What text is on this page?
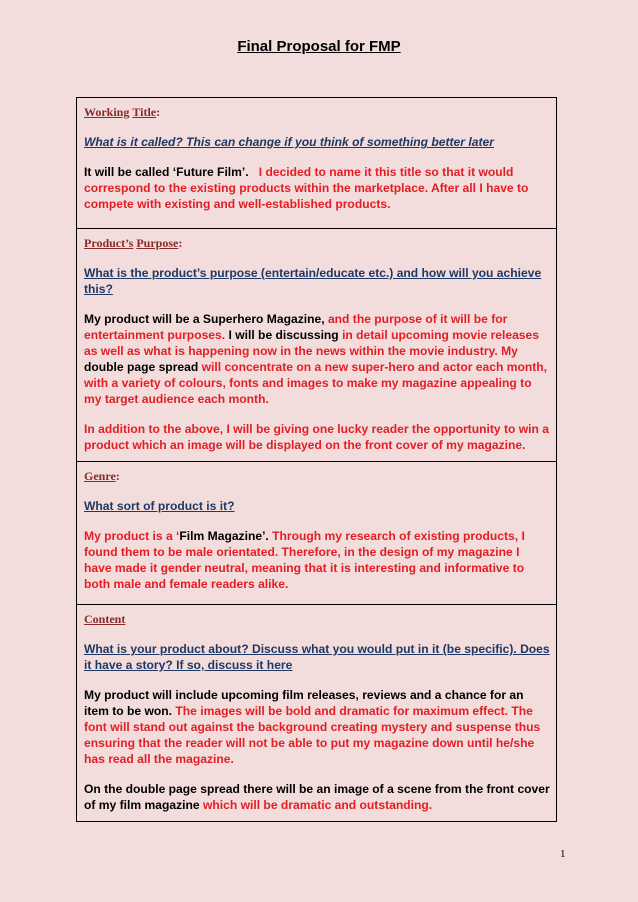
Final Proposal for FMP
Working Title:
What is it called? This can change if you think of something better later
It will be called ‘Future Film’. I decided to name it this title so that it would correspond to the existing products within the marketplace. After all I have to compete with existing and well-established products.

Product’s Purpose:
What is the product’s purpose (entertain/educate etc.) and how will you achieve this?
My product will be a Superhero Magazine, and the purpose of it will be for entertainment purposes. I will be discussing in detail upcoming movie releases as well as what is happening now in the news within the movie industry. My double page spread will concentrate on a new super-hero and actor each month, with a variety of colours, fonts and images to make my magazine appealing to my target audience each month.
In addition to the above, I will be giving one lucky reader the opportunity to win a product which an image will be displayed on the front cover of my magazine.

Genre:
What sort of product is it?
My product is a ‘Film Magazine’. Through my research of existing products, I found them to be male orientated. Therefore, in the design of my magazine I have made it gender neutral, meaning that it is interesting and informative to both male and female readers alike.

Content
What is your product about? Discuss what you would put in it (be specific). Does it have a story? If so, discuss it here
My product will include upcoming film releases, reviews and a chance for an item to be won. The images will be bold and dramatic for maximum effect. The font will stand out against the background creating mystery and suspense thus ensuring that the reader will not be able to put my magazine down until he/she has read all the magazine.
On the double page spread there will be an image of a scene from the front cover of my film magazine which will be dramatic and outstanding.
1
